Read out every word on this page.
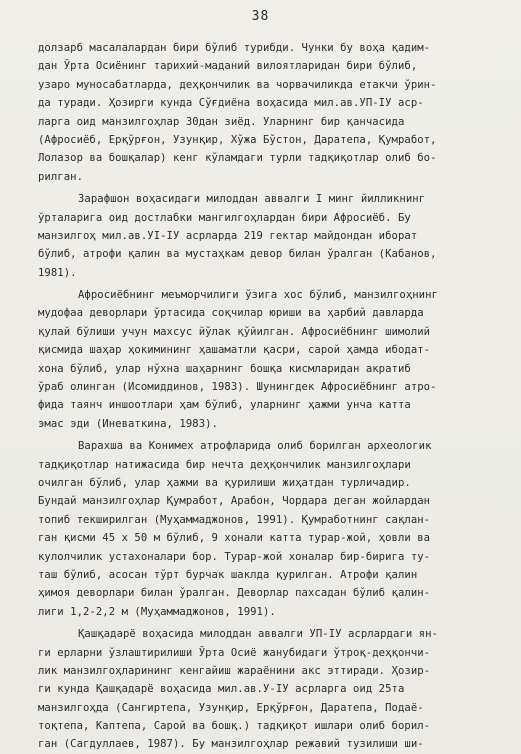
38
долзарб масалалардан бири бўлиб турибди. Чунки бу воҳа қадим-
дан Ўрта Осиёнинг тарихий-маданий вилоятларидан бири бўлиб,
узаро муносабатларда, деҳқончилик ва чорвачиликда етакчи ўрин-
да туради. Ҳозирги кунда Сўғдиёна воҳасида мил.ав.УП-IУ аср-
ларга оид манзилгоҳлар 30дан зиёд. Уларнинг бир қанчасида
(Афросиёб, Ерқўрғон, Узунқир, Хўжа Бўстон, Даратепа, Қумработ,
Лолазор ва бошқалар) кенг кўламдаги турли тадқиқотлар олиб бо-
рилган.
Зарафшон воҳасидаги милоддан аввалги I минг йилликнинг
ўрталарига оид достлабки мангилгоҳлардан бири Афросиёб. Бу
манзилгоҳ мил.ав.УІ-ІУ асрларда 219 гектар майдондан иборат
бўлиб, атрофи қалин ва мустаҳкам девор билан ўралган (Кабанов,
1981).
Афросиёбнинг меъморчилиги ўзига хос бўлиб, манзилгоҳнинг
мудофаа деворлари ўртасида соқчилар юриши ва ҳарбий давларда
қулай бўлиши учун махсус йўлак қўйилган. Афросиёбнинг шимолий
қисмида шаҳар ҳокимининг ҳашаматли қасри, сарой ҳамда ибодат-
хона бўлиб, улар нўхна шаҳарнинг бошқа кисмларидан акратиб
ўраб олинган (Исомиддинов, 1983). Шунингдек Афросиёбнинг атро-
фида таянч иншоотлари ҳам бўлиб, уларнинг ҳажми унча катта
эмас эди (Иневаткина, 1983).
Варахша ва Конимех атрофларида олиб борилган археологик
тадқиқотлар натижасида бир нечта деҳқончилик манзилгоҳлари
очилган бўлиб, улар ҳажми ва қурилиши жиҳатдан турличадир.
Бундай манзилгоҳлар Қумработ, Арабон, Чордара деган жойлардан
топиб текширилган (Муҳаммаджонов, 1991). Қумработнинг сақлан-
ган қисми 45 х 50 м бўлиб, 9 хонали катта турар-жой, ҳовли ва
кулолчилик устахоналари бор. Турар-жой хоналар бир-бирига ту-
таш бўлиб, асосан тўрт бурчак шаклда қурилган. Атрофи қалин
ҳимоя деворлари билан ўралган. Деворлар пахсадан бўлиб қалин-
лиги 1,2-2,2 м (Муҳаммаджонов, 1991).
Қашқадарё воҳасида милоддан аввалги УП-IУ асрлардаги ян-
ги ерларни ўзлаштирилиши Ўрта Осиё жанубидаги ўтроқ-деҳқончи-
лик манзилгоҳларининг кенгайиш жараёнини акс эттиради. Ҳозир-
ги кунда Қашқадарё воҳасида мил.ав.У-IУ асрларга оид 25та
манзилгоҳда (Сангиртепа, Узунқир, Ерқўрғон, Даратепа, Подаё-
тоқтепа, Каптепа, Сарой ва бошқ.) тадқиқот ишлари олиб борил-
ган (Сагдуллаев, 1987). Бу манзилгоҳлар режавий тузилиши ши-
